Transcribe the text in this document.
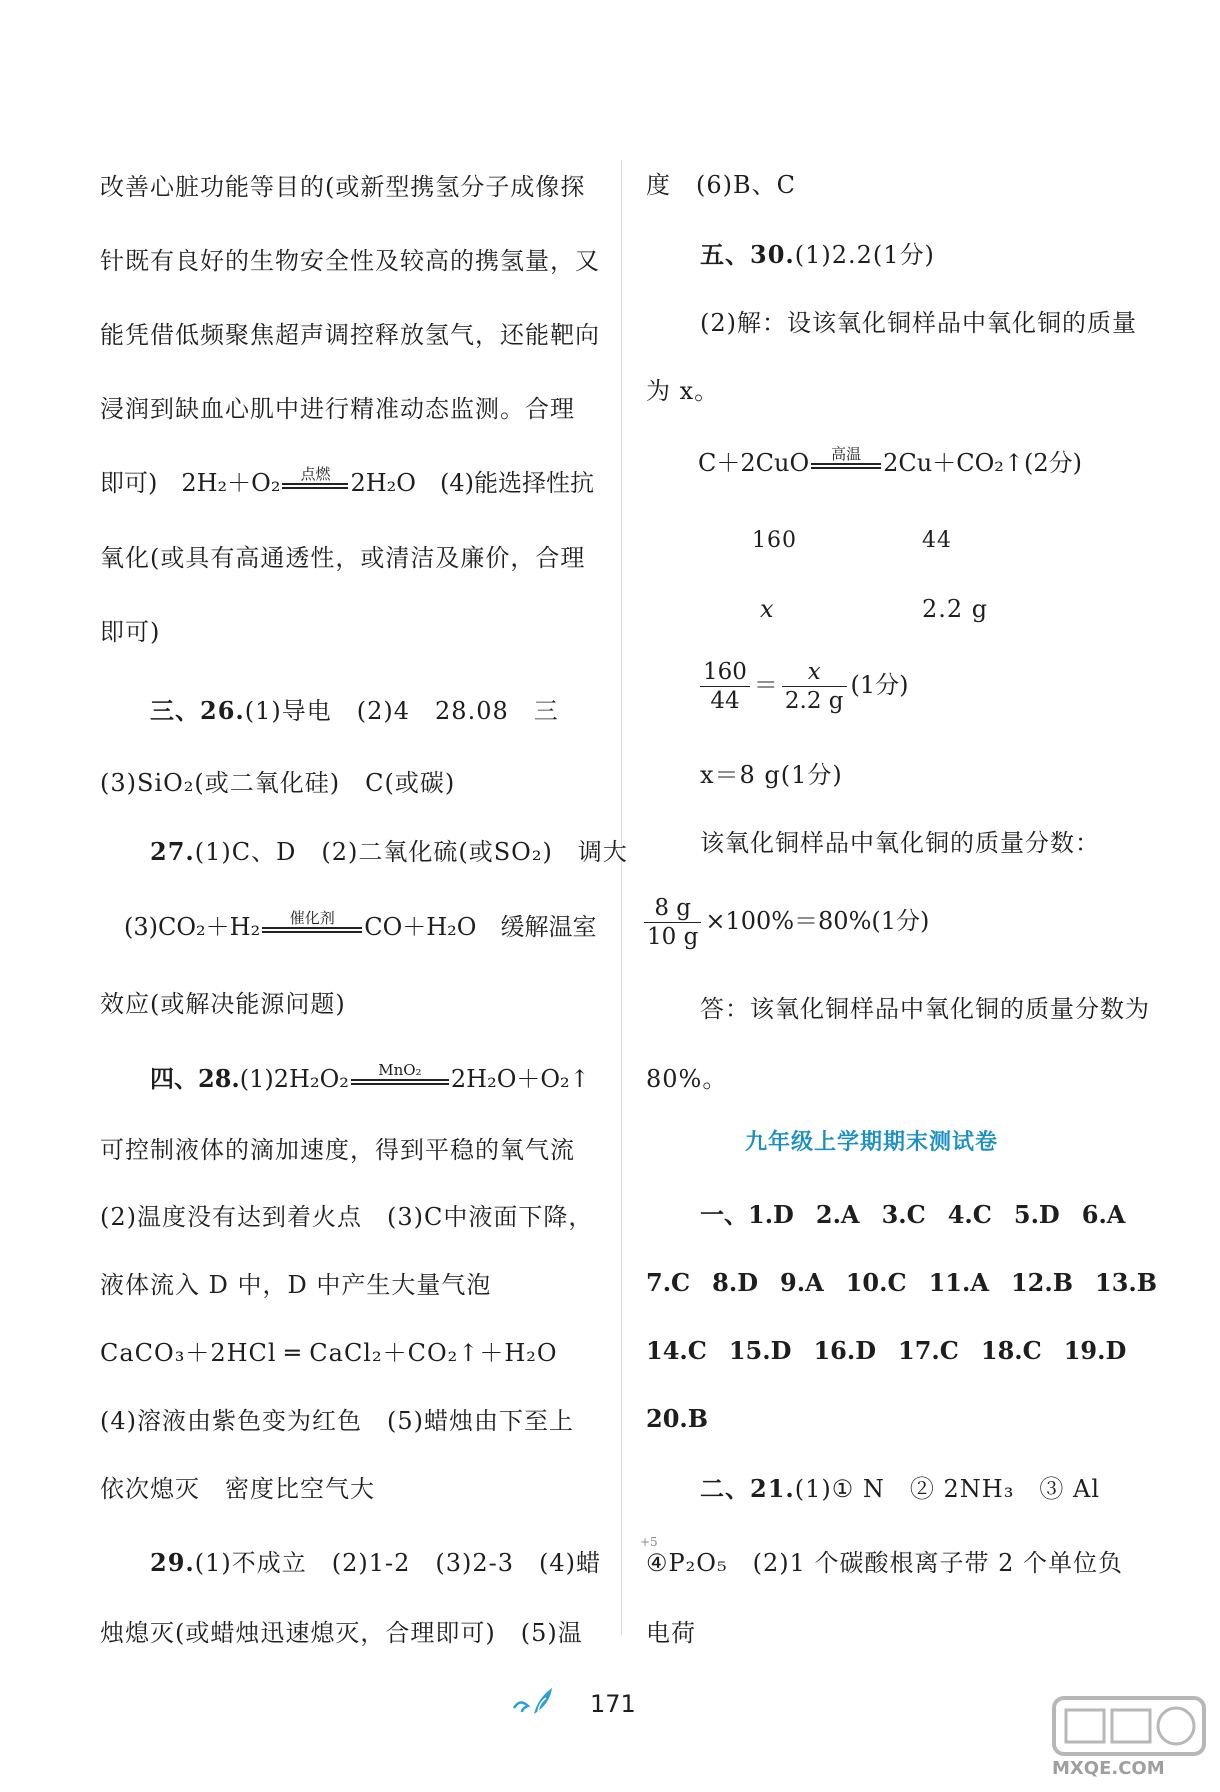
改善心脏功能等目的(或新型携氢分子成像探
针既有良好的生物安全性及较高的携氢量，又
能凭借低频聚焦超声调控释放氢气，还能靶向
浸润到缺血心肌中进行精准动态监测。合理
即可)　2H₂＋O₂	点燃 2H₂O　(4)能选择性抗
氧化(或具有高通透性，或清洁及廉价，合理
即可)
三、26.(1)导电　(2)4　28.08　三
(3)SiO₂(或二氧化硅)　C(或碳)
27.(1)C、D　(2)二氧化硫(或SO₂)　调大
(3)CO₂＋H₂	催化剂	CO＋H₂O　缓解温室
效应(或解决能源问题)
四、28.(1)2H₂O₂	MnO₂	2H₂O＋O₂↑
可控制液体的滴加速度，得到平稳的氧气流
(2)温度没有达到着火点　(3)C中液面下降，
液体流入 D 中，D 中产生大量气泡
CaCO₃＋2HCl ═ CaCl₂＋CO₂↑＋H₂O
(4)溶液由紫色变为红色　(5)蜡烛由下至上
依次熄灭　密度比空气大
29.(1)不成立　(2)1-2　(3)2-3　(4)蜡
烛熄灭(或蜡烛迅速熄灭，合理即可)　(5)温
度　(6)B、C
五、30.(1)2.2(1分)
(2)解：设该氧化铜样品中氧化铜的质量
为 x。
C＋2CuO	高温 2Cu＋CO₂↑(2分)
160	44
x	2.2 g
$\frac{160}{44} = \frac{x}{2.2 g} (1$分)
x＝8 g(1分)
该氧化铜样品中氧化铜的质量分数：
$\frac{8 g}{10 g} \times 100\%=80\%(1$分)
答：该氧化铜样品中氧化铜的质量分数为
80%。
九年级上学期期末测试卷
一、1.D 2.A 3.C 4.C 5.D 6.A
7.C 8.D 9.A 10.C 11.A 12.B 13.B
14.C 15.D 16.D 17.C 18.C 19.D
20.B
二、21.(1)① N　② 2NH₃　③ Al
+5
④P₂O₅　(2)1 个碳酸根离子带 2 个单位负
电荷
171
MXQE.COM
